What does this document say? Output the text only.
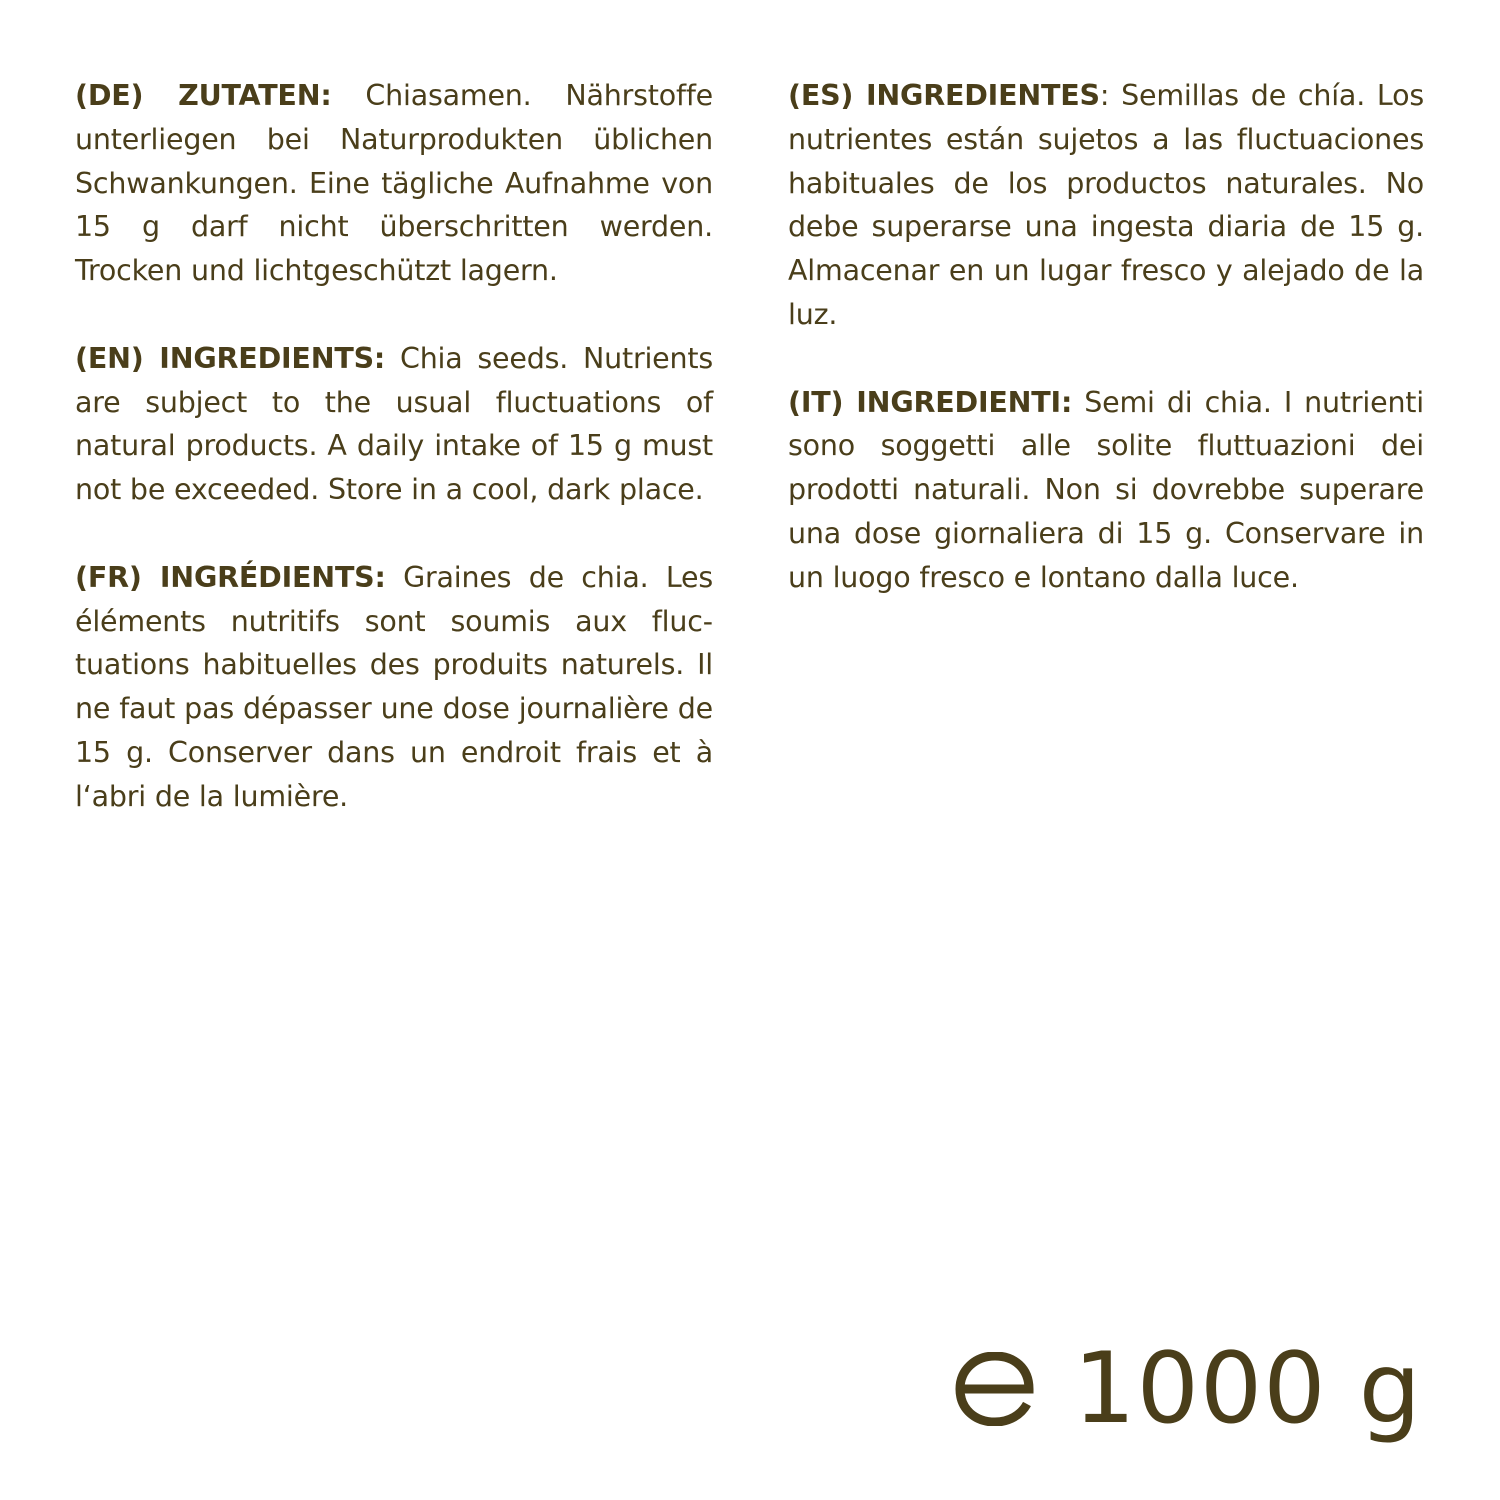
(DE) ZUTATEN: Chiasamen. Nährstoffe unterliegen bei Naturprodukten üblichen Schwankungen. Eine tägliche Aufnahme von 15 g darf nicht überschritten werden. Trocken und lichtgeschützt lagern.

(EN) INGREDIENTS: Chia seeds. Nutrients are subject to the usual fluctuations of natural products. A daily intake of 15 g must not be exceeded. Store in a cool, dark place.

(FR) INGRÉDIENTS: Graines de chia. Les éléments nutritifs sont soumis aux fluctuations habituelles des produits naturels. Il ne faut pas dépasser une dose journalière de 15 g. Conserver dans un endroit frais et à l‘abri de la lumière.

(ES) INGREDIENTES: Semillas de chía. Los nutrientes están sujetos a las fluctuaciones habituales de los productos naturales. No debe superarse una ingesta diaria de 15 g. Almacenar en un lugar fresco y alejado de la luz.

(IT) INGREDIENTI: Semi di chia. I nutrienti sono soggetti alle solite fluttuazioni dei prodotti naturali. Non si dovrebbe superare una dose giornaliera di 15 g. Conservare in un luogo fresco e lontano dalla luce.

1000 g
